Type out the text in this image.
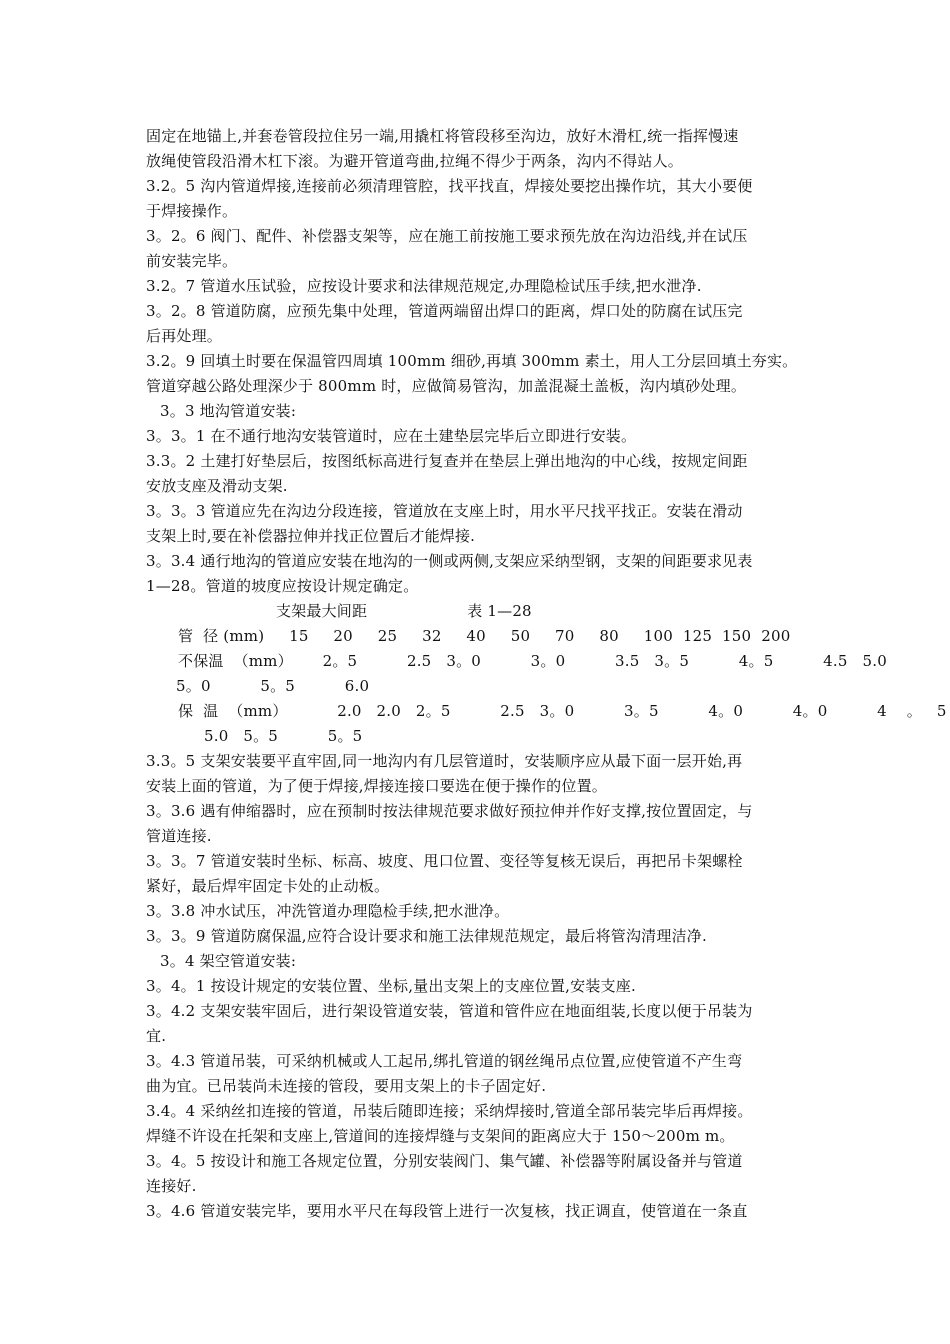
固定在地锚上,并套卷管段拉住另一端,用撬杠将管段移至沟边，放好木滑杠,统一指挥慢速
放绳使管段沿滑木杠下滚。为避开管道弯曲,拉绳不得少于两条，沟内不得站人。
3.2。5 沟内管道焊接,连接前必须清理管腔，找平找直，焊接处要挖出操作坑，其大小要便
于焊接操作。
3。2。6 阀门、配件、补偿器支架等，应在施工前按施工要求预先放在沟边沿线,并在试压
前安装完毕。
3.2。7 管道水压试验，应按设计要求和法律规范规定,办理隐检试压手续,把水泄净.
3。2。8 管道防腐，应预先集中处理，管道两端留出焊口的距离，焊口处的防腐在试压完
后再处理。
3.2。9 回填土时要在保温管四周填 100mm 细砂,再填 300mm 素土，用人工分层回填土夯实。
管道穿越公路处理深少于 800mm 时，应做简易管沟，加盖混凝土盖板，沟内填砂处理。
3。3 地沟管道安装:
3。3。1 在不通行地沟安装管道时，应在土建垫层完毕后立即进行安装。
3.3。2 土建打好垫层后，按图纸标高进行复查并在垫层上弹出地沟的中心线，按规定间距
安放支座及滑动支架.
3。3。3 管道应先在沟边分段连接，管道放在支座上时，用水平尺找平找正。安装在滑动
支架上时,要在补偿器拉伸并找正位置后才能焊接.
3。3.4 通行地沟的管道应安装在地沟的一侧或两侧,支架应采纳型钢，支架的间距要求见表
1—28。管道的坡度应按设计规定确定。
支架最大间距	表 1—28
管  径 (mm)     15     20     25     32     40     50     70     80     100  125  150  200
不保温  （mm）      2。5          2.5   3。0          3。0          3.5   3。5          4。5          4.5   5.0
5。0          5。5          6.0
保  温  （mm）          2.0   2.0   2。5          2.5   3。0          3。5          4。0          4。0          4    。   5
5.0   5。5          5。5
3.3。5 支架安装要平直牢固,同一地沟内有几层管道时，安装顺序应从最下面一层开始,再
安装上面的管道，为了便于焊接,焊接连接口要选在便于操作的位置。
3。3.6 遇有伸缩器时，应在预制时按法律规范要求做好预拉伸并作好支撑,按位置固定，与
管道连接.
3。3。7 管道安装时坐标、标高、坡度、甩口位置、变径等复核无误后，再把吊卡架螺栓
紧好，最后焊牢固定卡处的止动板。
3。3.8 冲水试压，冲洗管道办理隐检手续,把水泄净。
3。3。9 管道防腐保温,应符合设计要求和施工法律规范规定，最后将管沟清理洁净.
3。4 架空管道安装:
3。4。1 按设计规定的安装位置、坐标,量出支架上的支座位置,安装支座.
3。4.2 支架安装牢固后，进行架设管道安装，管道和管件应在地面组装,长度以便于吊装为
宜.
3。4.3 管道吊装，可采纳机械或人工起吊,绑扎管道的钢丝绳吊点位置,应使管道不产生弯
曲为宜。已吊装尚未连接的管段，要用支架上的卡子固定好.
3.4。4 采纳丝扣连接的管道，吊装后随即连接；采纳焊接时,管道全部吊装完毕后再焊接。
焊缝不许设在托架和支座上,管道间的连接焊缝与支架间的距离应大于 150～200m m。
3。4。5 按设计和施工各规定位置，分别安装阀门、集气罐、补偿器等附属设备并与管道
连接好.
3。4.6 管道安装完毕，要用水平尺在每段管上进行一次复核，找正调直，使管道在一条直
